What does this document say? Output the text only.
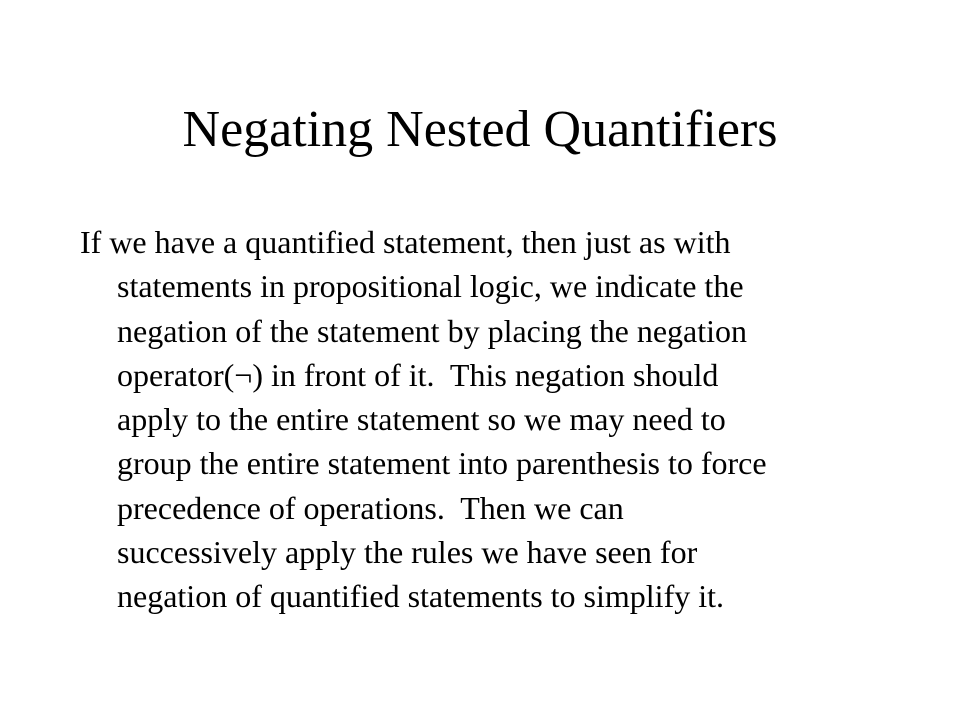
Negating Nested Quantifiers
If we have a quantified statement, then just as with
statements in propositional logic, we indicate the
negation of the statement by placing the negation
operator(¬) in front of it.  This negation should
apply to the entire statement so we may need to
group the entire statement into parenthesis to force
precedence of operations.  Then we can
successively apply the rules we have seen for
negation of quantified statements to simplify it.
